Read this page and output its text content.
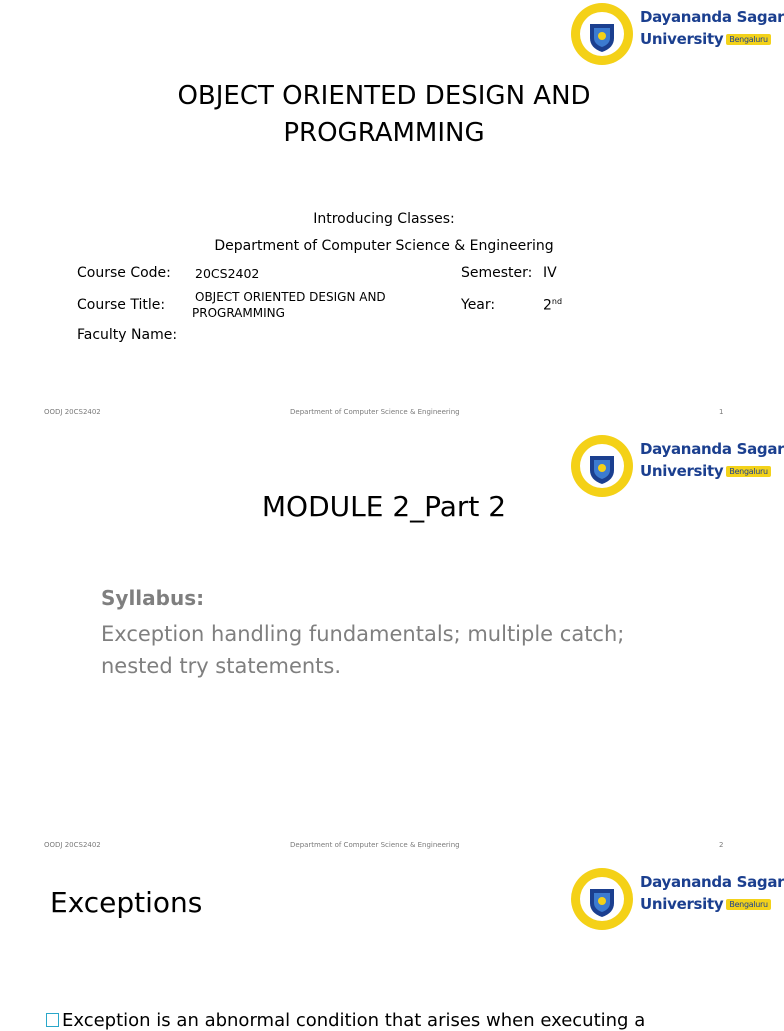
Dayananda Sagar
University Bengaluru
OBJECT ORIENTED DESIGN AND
PROGRAMMING
Introducing Classes:
Department of Computer Science & Engineering
Course Code: 20CS2402	Semester: IV
Course Title: OBJECT ORIENTED DESIGN AND
PROGRAMMING	Year:	2nd
Faculty Name:
OODJ 20CS2402	Department of Computer Science & Engineering	1
Dayananda Sagar
University Bengaluru
MODULE 2_Part 2
Syllabus:
Exception handling fundamentals; multiple catch;
nested try statements.
OODJ 20CS2402	Department of Computer Science & Engineering	2
Dayananda Sagar
University Bengaluru
Exceptions
Exception is an abnormal condition that arises when executing a
